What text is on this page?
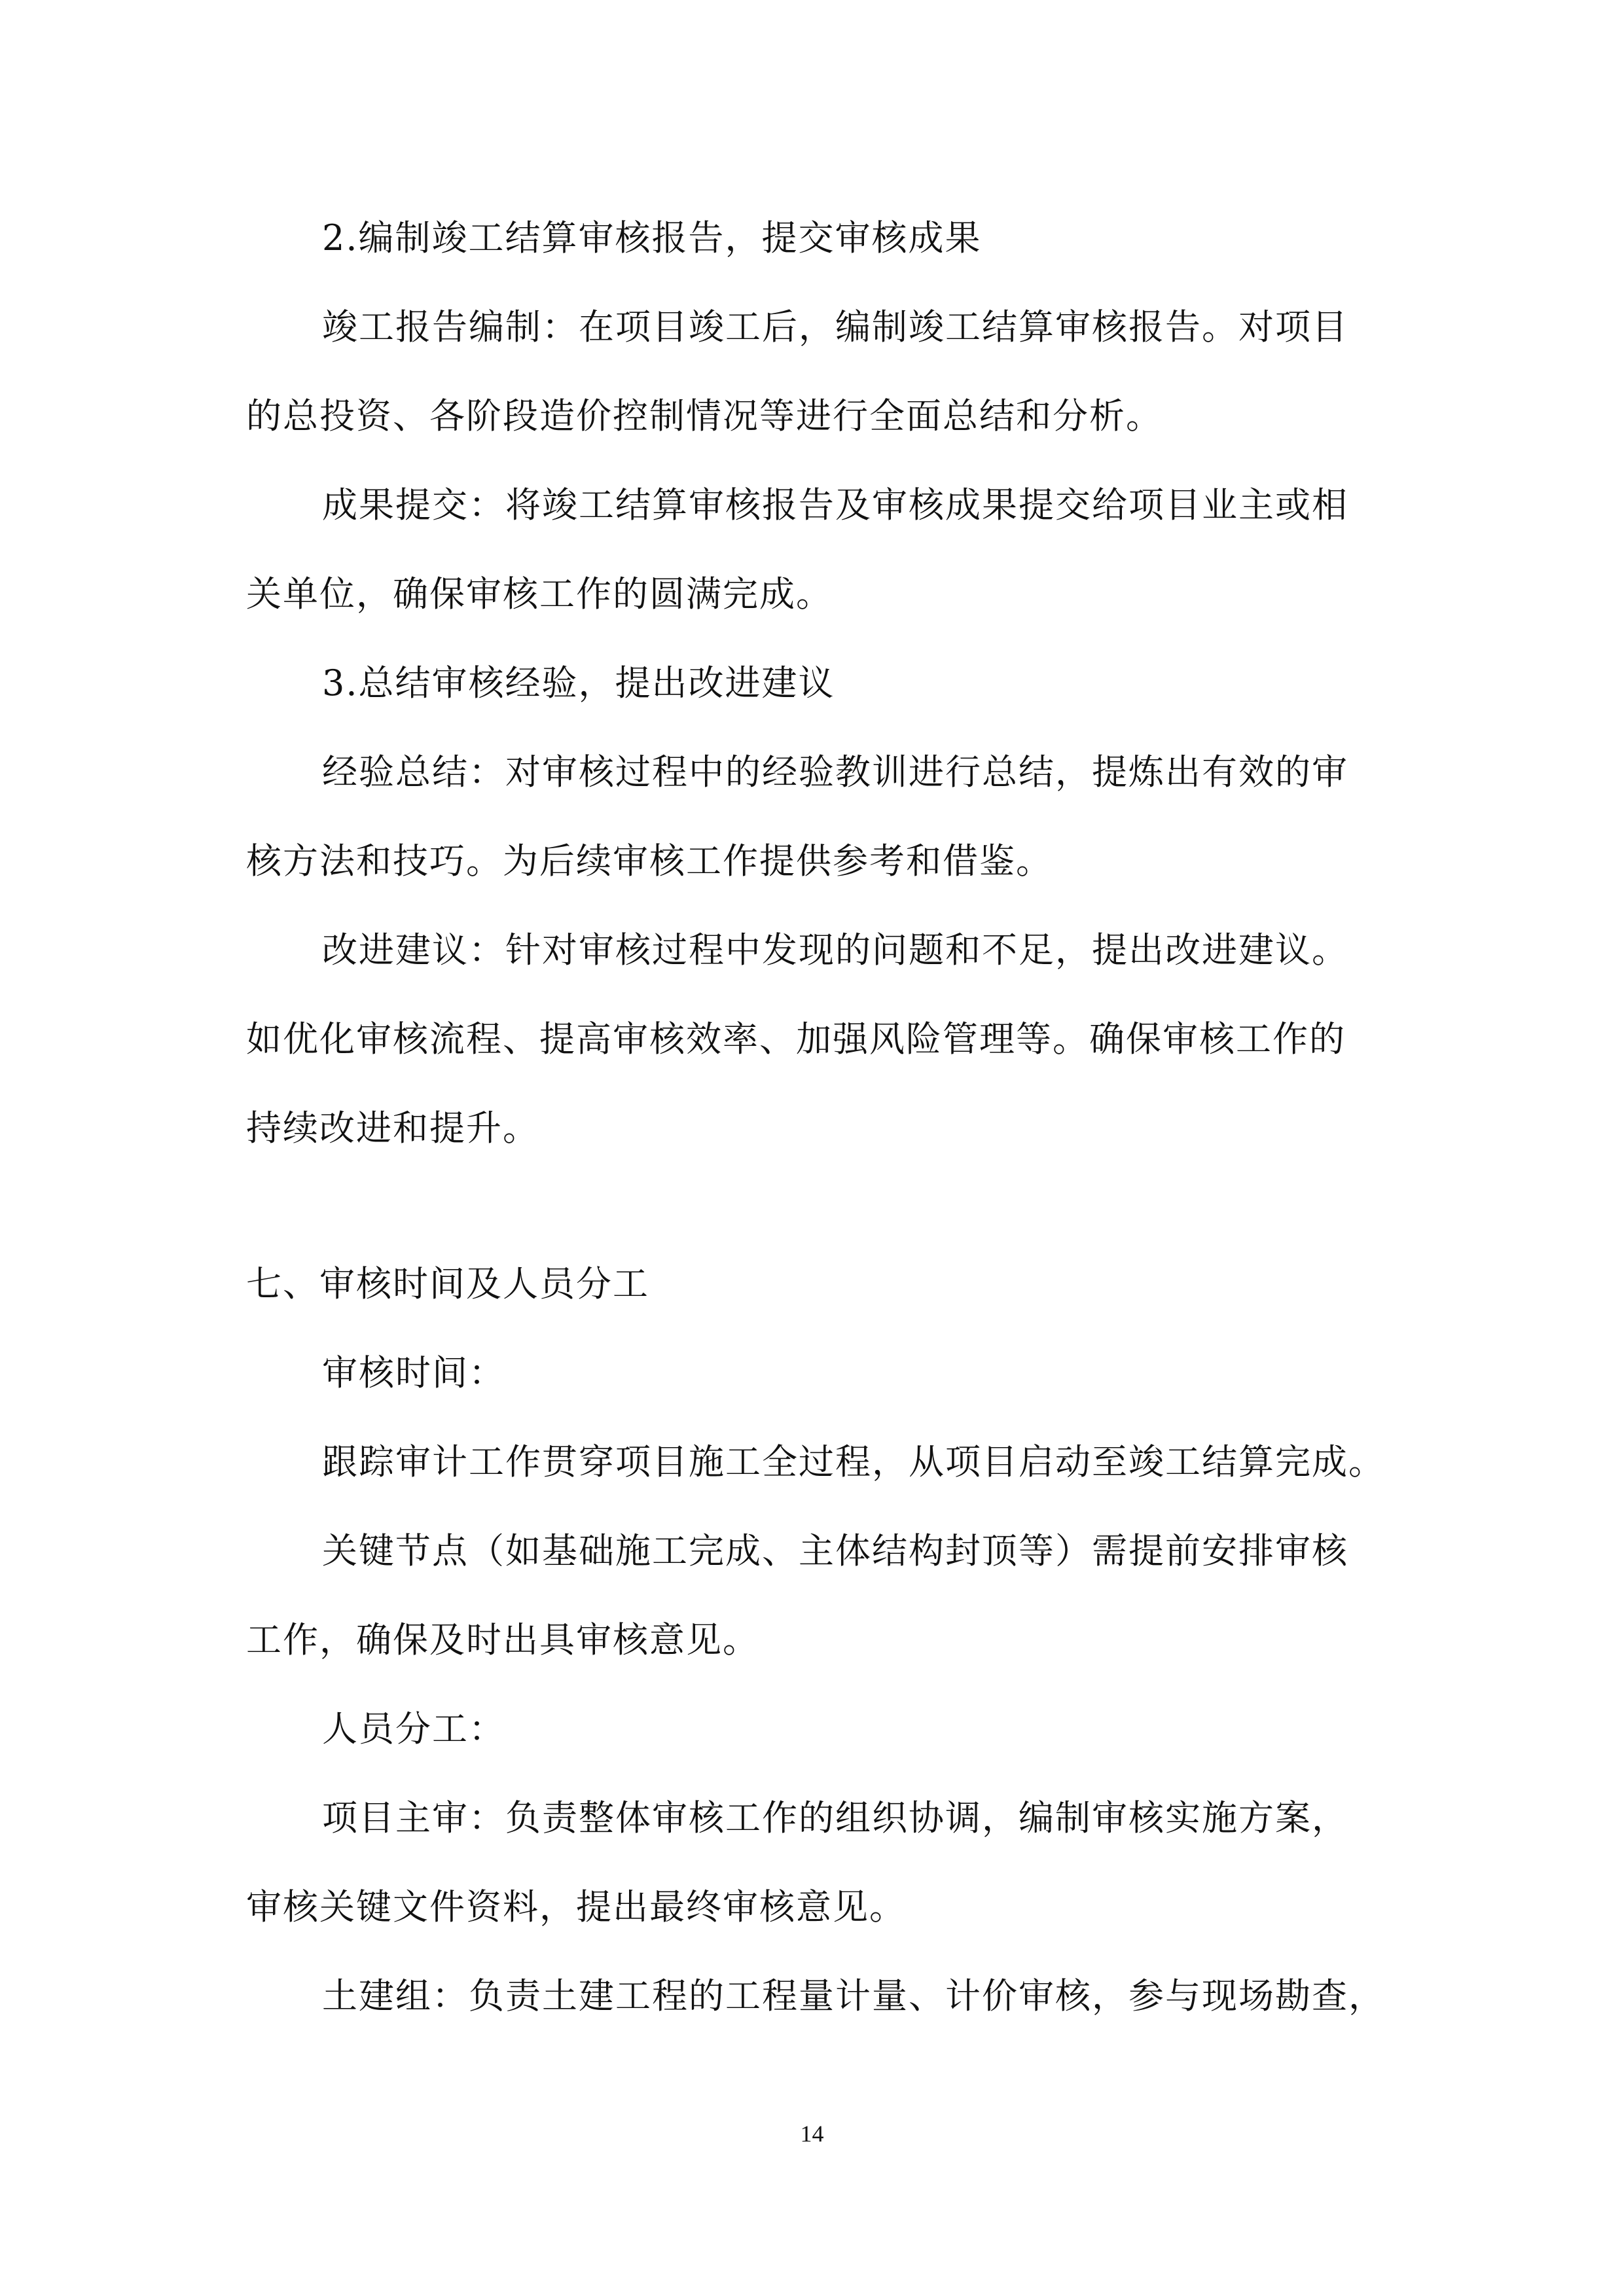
2.编制竣工结算审核报告，提交审核成果
竣工报告编制：在项目竣工后，编制竣工结算审核报告。对项目
的总投资、各阶段造价控制情况等进行全面总结和分析。
成果提交：将竣工结算审核报告及审核成果提交给项目业主或相
关单位，确保审核工作的圆满完成。
3.总结审核经验，提出改进建议
经验总结：对审核过程中的经验教训进行总结，提炼出有效的审
核方法和技巧。为后续审核工作提供参考和借鉴。
改进建议：针对审核过程中发现的问题和不足，提出改进建议。
如优化审核流程、提高审核效率、加强风险管理等。确保审核工作的
持续改进和提升。
七、审核时间及人员分工
审核时间：
跟踪审计工作贯穿项目施工全过程，从项目启动至竣工结算完成。
关键节点（如基础施工完成、主体结构封顶等）需提前安排审核
工作，确保及时出具审核意见。
人员分工：
项目主审：负责整体审核工作的组织协调，编制审核实施方案，
审核关键文件资料，提出最终审核意见。
土建组：负责土建工程的工程量计量、计价审核，参与现场勘查，
14
